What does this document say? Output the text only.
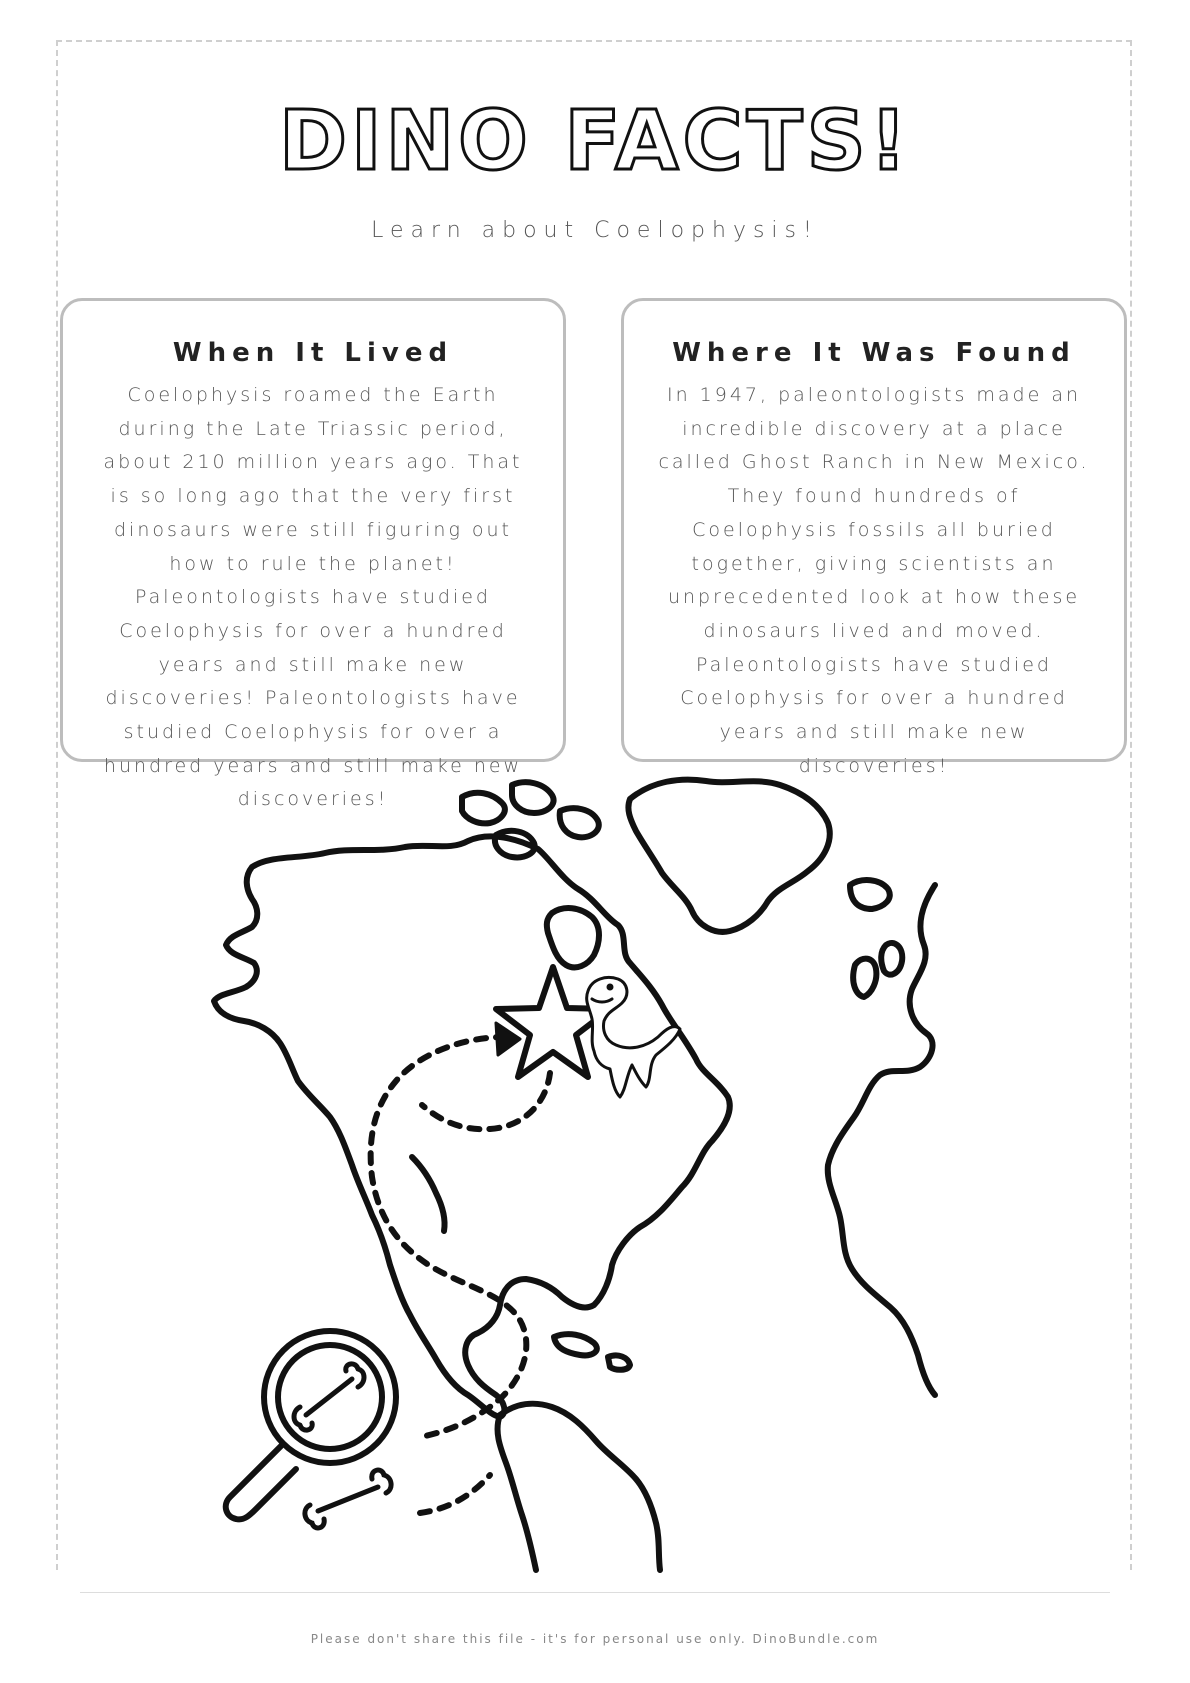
DINO FACTS!
Learn about Coelophysis!
When It Lived

Coelophysis roamed the Earth during the Late Triassic period, about 210 million years ago. That is so long ago that the very first dinosaurs were still figuring out how to rule the planet! Paleontologists have studied Coelophysis for over a hundred years and still make new discoveries! Paleontologists have studied Coelophysis for over a hundred years and still make new discoveries!

Where It Was Found

In 1947, paleontologists made an incredible discovery at a place called Ghost Ranch in New Mexico. They found hundreds of Coelophysis fossils all buried together, giving scientists an unprecedented look at how these dinosaurs lived and moved. Paleontologists have studied Coelophysis for over a hundred years and still make new discoveries!

Please don't share this file - it's for personal use only. DinoBundle.com
